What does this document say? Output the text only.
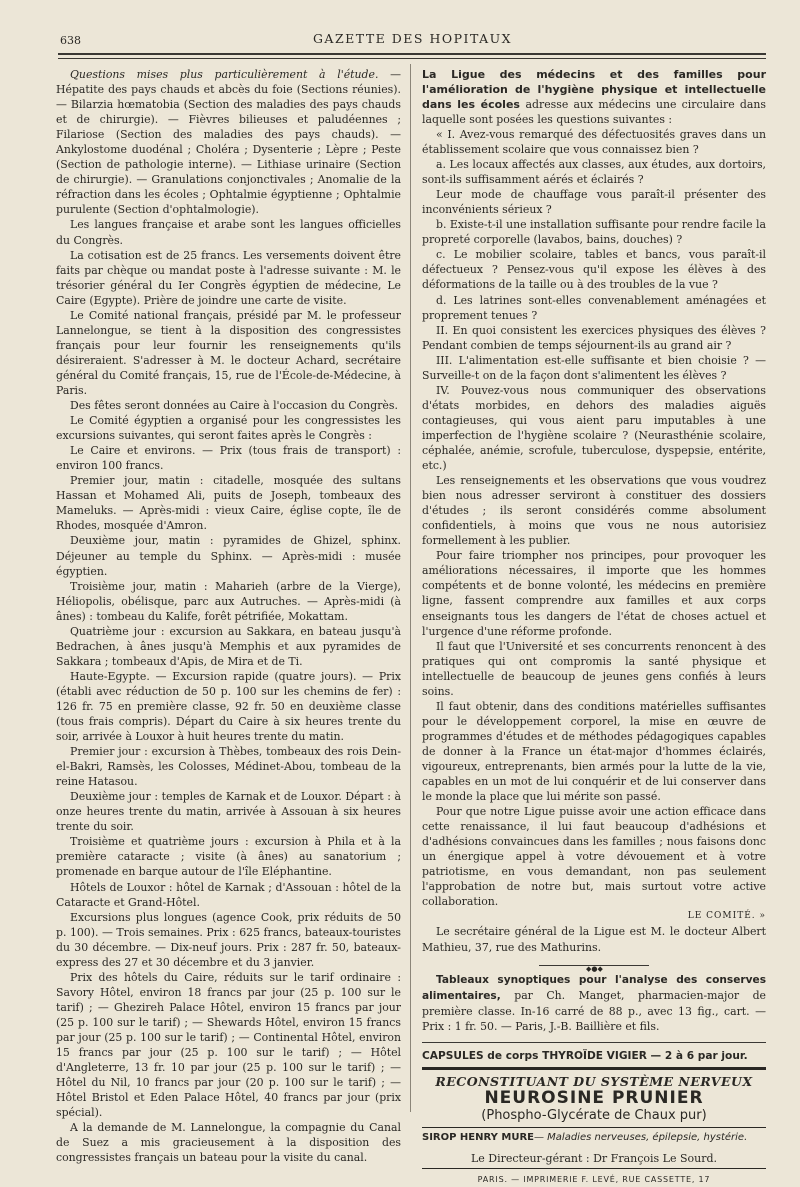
638	GAZETTE DES HOPITAUX

Questions mises plus particulièrement à l'étude. — Hépatite des pays chauds et abcès du foie (Sections réunies). — Bilarzia hœmatobia (Section des maladies des pays chauds et de chirurgie). — Fièvres bilieuses et paludéennes ; Filariose (Section des maladies des pays chauds). — Ankylostome duodénal ; Choléra ; Dysenterie ; Lèpre ; Peste (Section de pathologie interne). — Lithiase urinaire (Section de chirurgie). — Granulations conjonctivales ; Anomalie de la réfraction dans les écoles ; Ophtalmie égyptienne ; Ophtalmie purulente (Section d'ophtalmologie).

Les langues française et arabe sont les langues officielles du Congrès.

La cotisation est de 25 francs. Les versements doivent être faits par chèque ou mandat poste à l'adresse suivante : M. le trésorier général du Ier Congrès égyptien de médecine, Le Caire (Egypte). Prière de joindre une carte de visite.

Le Comité national français, présidé par M. le professeur Lannelongue, se tient à la disposition des congressistes français pour leur fournir les renseignements qu'ils désireraient. S'adresser à M. le docteur Achard, secrétaire général du Comité français, 15, rue de l'École-de-Médecine, à Paris.

Des fêtes seront données au Caire à l'occasion du Congrès.

Le Comité égyptien a organisé pour les congressistes les excursions suivantes, qui seront faites après le Congrès :

Le Caire et environs. — Prix (tous frais de transport) : environ 100 francs.

Premier jour, matin : citadelle, mosquée des sultans Hassan et Mohamed Ali, puits de Joseph, tombeaux des Mameluks. — Après-midi : vieux Caire, église copte, île de Rhodes, mosquée d'Amron.

Deuxième jour, matin : pyramides de Ghizel, sphinx. Déjeuner au temple du Sphinx. — Après-midi : musée égyptien.

Troisième jour, matin : Maharieh (arbre de la Vierge), Héliopolis, obélisque, parc aux Autruches. — Après-midi (à ânes) : tombeau du Kalife, forêt pétrifiée, Mokattam.

Quatrième jour : excursion au Sakkara, en bateau jusqu'à Bedrachen, à ânes jusqu'à Memphis et aux pyramides de Sakkara ; tombeaux d'Apis, de Mira et de Ti.

Haute-Egypte. — Excursion rapide (quatre jours). — Prix (établi avec réduction de 50 p. 100 sur les chemins de fer) : 126 fr. 75 en première classe, 92 fr. 50 en deuxième classe (tous frais compris). Départ du Caire à six heures trente du soir, arrivée à Louxor à huit heures trente du matin.

Premier jour : excursion à Thèbes, tombeaux des rois Dein-el-Bakri, Ramsès, les Colosses, Médinet-Abou, tombeau de la reine Hatasou.

Deuxième jour : temples de Karnak et de Louxor. Départ : à onze heures trente du matin, arrivée à Assouan à six heures trente du soir.

Troisième et quatrième jours : excursion à Phila et à la première cataracte ; visite (à ânes) au sanatorium ; promenade en barque autour de l'île Eléphantine.

Hôtels de Louxor : hôtel de Karnak ; d'Assouan : hôtel de la Cataracte et Grand-Hôtel.

Excursions plus longues (agence Cook, prix réduits de 50 p. 100). — Trois semaines. Prix : 625 francs, bateaux-touristes du 30 décembre. — Dix-neuf jours. Prix : 287 fr. 50, bateaux-express des 27 et 30 décembre et du 3 janvier.

Prix des hôtels du Caire, réduits sur le tarif ordinaire : Savory Hôtel, environ 18 francs par jour (25 p. 100 sur le tarif) ; — Ghezireh Palace Hôtel, environ 15 francs par jour (25 p. 100 sur le tarif) ; — Shewards Hôtel, environ 15 francs par jour (25 p. 100 sur le tarif) ; — Continental Hôtel, environ 15 francs par jour (25 p. 100 sur le tarif) ; — Hôtel d'Angleterre, 13 fr. 10 par jour (25 p. 100 sur le tarif) ; — Hôtel du Nil, 10 francs par jour (20 p. 100 sur le tarif) ; — Hôtel Bristol et Eden Palace Hôtel, 40 francs par jour (prix spécial).

A la demande de M. Lannelongue, la compagnie du Canal de Suez a mis gracieusement à la disposition des congressistes français un bateau pour la visite du canal.

La Ligue des médecins et des familles pour l'amélioration de l'hygiène physique et intellectuelle dans les écoles adresse aux médecins une circulaire dans laquelle sont posées les questions suivantes :

« I. Avez-vous remarqué des défectuosités graves dans un établissement scolaire que vous connaissez bien ?

a. Les locaux affectés aux classes, aux études, aux dortoirs, sont-ils suffisamment aérés et éclairés ?

Leur mode de chauffage vous paraît-il présenter des inconvénients sérieux ?

b. Existe-t-il une installation suffisante pour rendre facile la propreté corporelle (lavabos, bains, douches) ?

c. Le mobilier scolaire, tables et bancs, vous paraît-il défectueux ? Pensez-vous qu'il expose les élèves à des déformations de la taille ou à des troubles de la vue ?

d. Les latrines sont-elles convenablement aménagées et proprement tenues ?

II. En quoi consistent les exercices physiques des élèves ? Pendant combien de temps séjournent-ils au grand air ?

III. L'alimentation est-elle suffisante et bien choisie ? — Surveille-t on de la façon dont s'alimentent les élèves ?

IV. Pouvez-vous nous communiquer des observations d'états morbides, en dehors des maladies aiguës contagieuses, qui vous aient paru imputables à une imperfection de l'hygiène scolaire ? (Neurasthénie scolaire, céphalée, anémie, scrofule, tuberculose, dyspepsie, entérite, etc.)

Les renseignements et les observations que vous voudrez bien nous adresser serviront à constituer des dossiers d'études ; ils seront considérés comme absolument confidentiels, à moins que vous ne nous autorisiez formellement à les publier.

Pour faire triompher nos principes, pour provoquer les améliorations nécessaires, il importe que les hommes compétents et de bonne volonté, les médecins en première ligne, fassent comprendre aux familles et aux corps enseignants tous les dangers de l'état de choses actuel et l'urgence d'une réforme profonde.

Il faut que l'Université et ses concurrents renoncent à des pratiques qui ont compromis la santé physique et intellectuelle de beaucoup de jeunes gens confiés à leurs soins.

Il faut obtenir, dans des conditions matérielles suffisantes pour le développement corporel, la mise en œuvre de programmes d'études et de méthodes pédagogiques capables de donner à la France un état-major d'hommes éclairés, vigoureux, entreprenants, bien armés pour la lutte de la vie, capables en un mot de lui conquérir et de lui conserver dans le monde la place que lui mérite son passé.

Pour que notre Ligue puisse avoir une action efficace dans cette renaissance, il lui faut beaucoup d'adhésions et d'adhésions convaincues dans les familles ; nous faisons donc un énergique appel à votre dévouement et à votre patriotisme, en vous demandant, non pas seulement l'approbation de notre but, mais surtout votre active collaboration.

LE COMITÉ. »

Le secrétaire général de la Ligue est M. le docteur Albert Mathieu, 37, rue des Mathurins.

◆●◆

Tableaux synoptiques pour l'analyse des conserves alimentaires, par Ch. Manget, pharmacien-major de première classe. In-16 carré de 88 p., avec 13 fig., cart. — Prix : 1 fr. 50. — Paris, J.-B. Baillière et fils.

CAPSULES de corps THYROÏDE VIGIER — 2 à 6 par jour.
RECONSTITUANT DU SYSTÈME NERVEUX
NEUROSINE PRUNIER
(Phospho-Glycérate de Chaux pur)
SIROP HENRY MURE— Maladies nerveuses, épilepsie, hystérie.
Le Directeur-gérant : Dr François Le Sourd.
PARIS. — IMPRIMERIE F. LEVÉ, RUE CASSETTE, 17
